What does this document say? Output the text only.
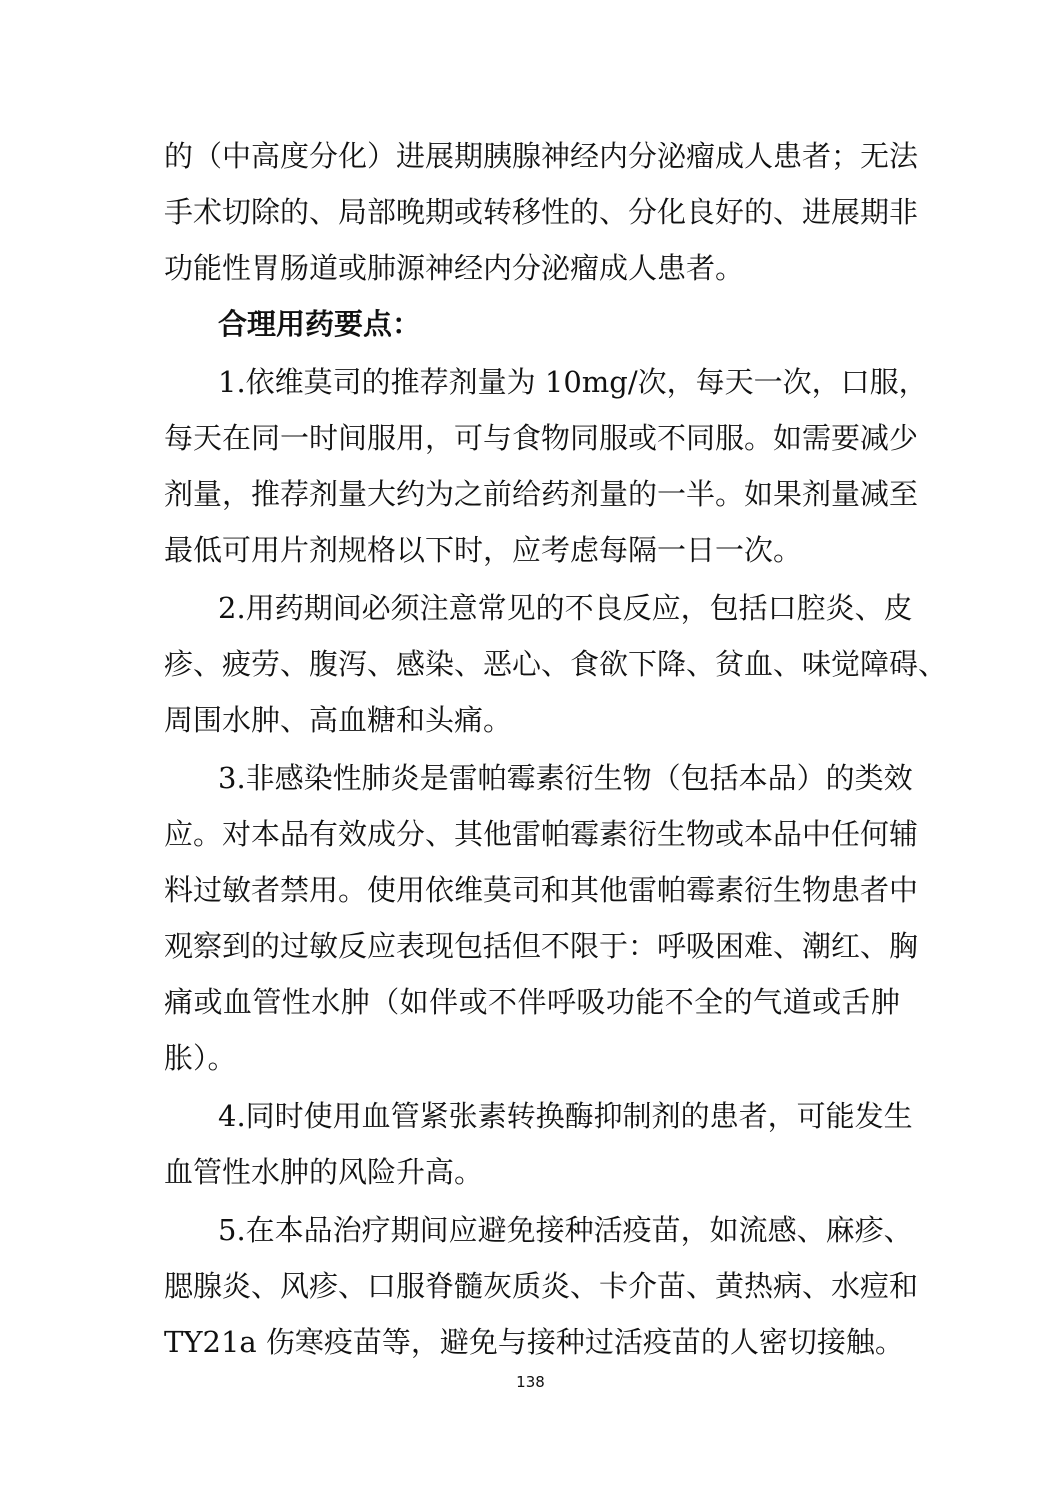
的（中高度分化）进展期胰腺神经内分泌瘤成人患者；无法
手术切除的、局部晚期或转移性的、分化良好的、进展期非
功能性胃肠道或肺源神经内分泌瘤成人患者。
合理用药要点：
1.依维莫司的推荐剂量为 10mg/次，每天一次，口服，
每天在同一时间服用，可与食物同服或不同服。如需要减少
剂量，推荐剂量大约为之前给药剂量的一半。如果剂量减至
最低可用片剂规格以下时，应考虑每隔一日一次。
2.用药期间必须注意常见的不良反应，包括口腔炎、皮
疹、疲劳、腹泻、感染、恶心、食欲下降、贫血、味觉障碍、
周围水肿、高血糖和头痛。
3.非感染性肺炎是雷帕霉素衍生物（包括本品）的类效
应。对本品有效成分、其他雷帕霉素衍生物或本品中任何辅
料过敏者禁用。使用依维莫司和其他雷帕霉素衍生物患者中
观察到的过敏反应表现包括但不限于：呼吸困难、潮红、胸
痛或血管性水肿（如伴或不伴呼吸功能不全的气道或舌肿
胀）。
4.同时使用血管紧张素转换酶抑制剂的患者，可能发生
血管性水肿的风险升高。
5.在本品治疗期间应避免接种活疫苗，如流感、麻疹、
腮腺炎、风疹、口服脊髓灰质炎、卡介苗、黄热病、水痘和
TY21a 伤寒疫苗等，避免与接种过活疫苗的人密切接触。
138
